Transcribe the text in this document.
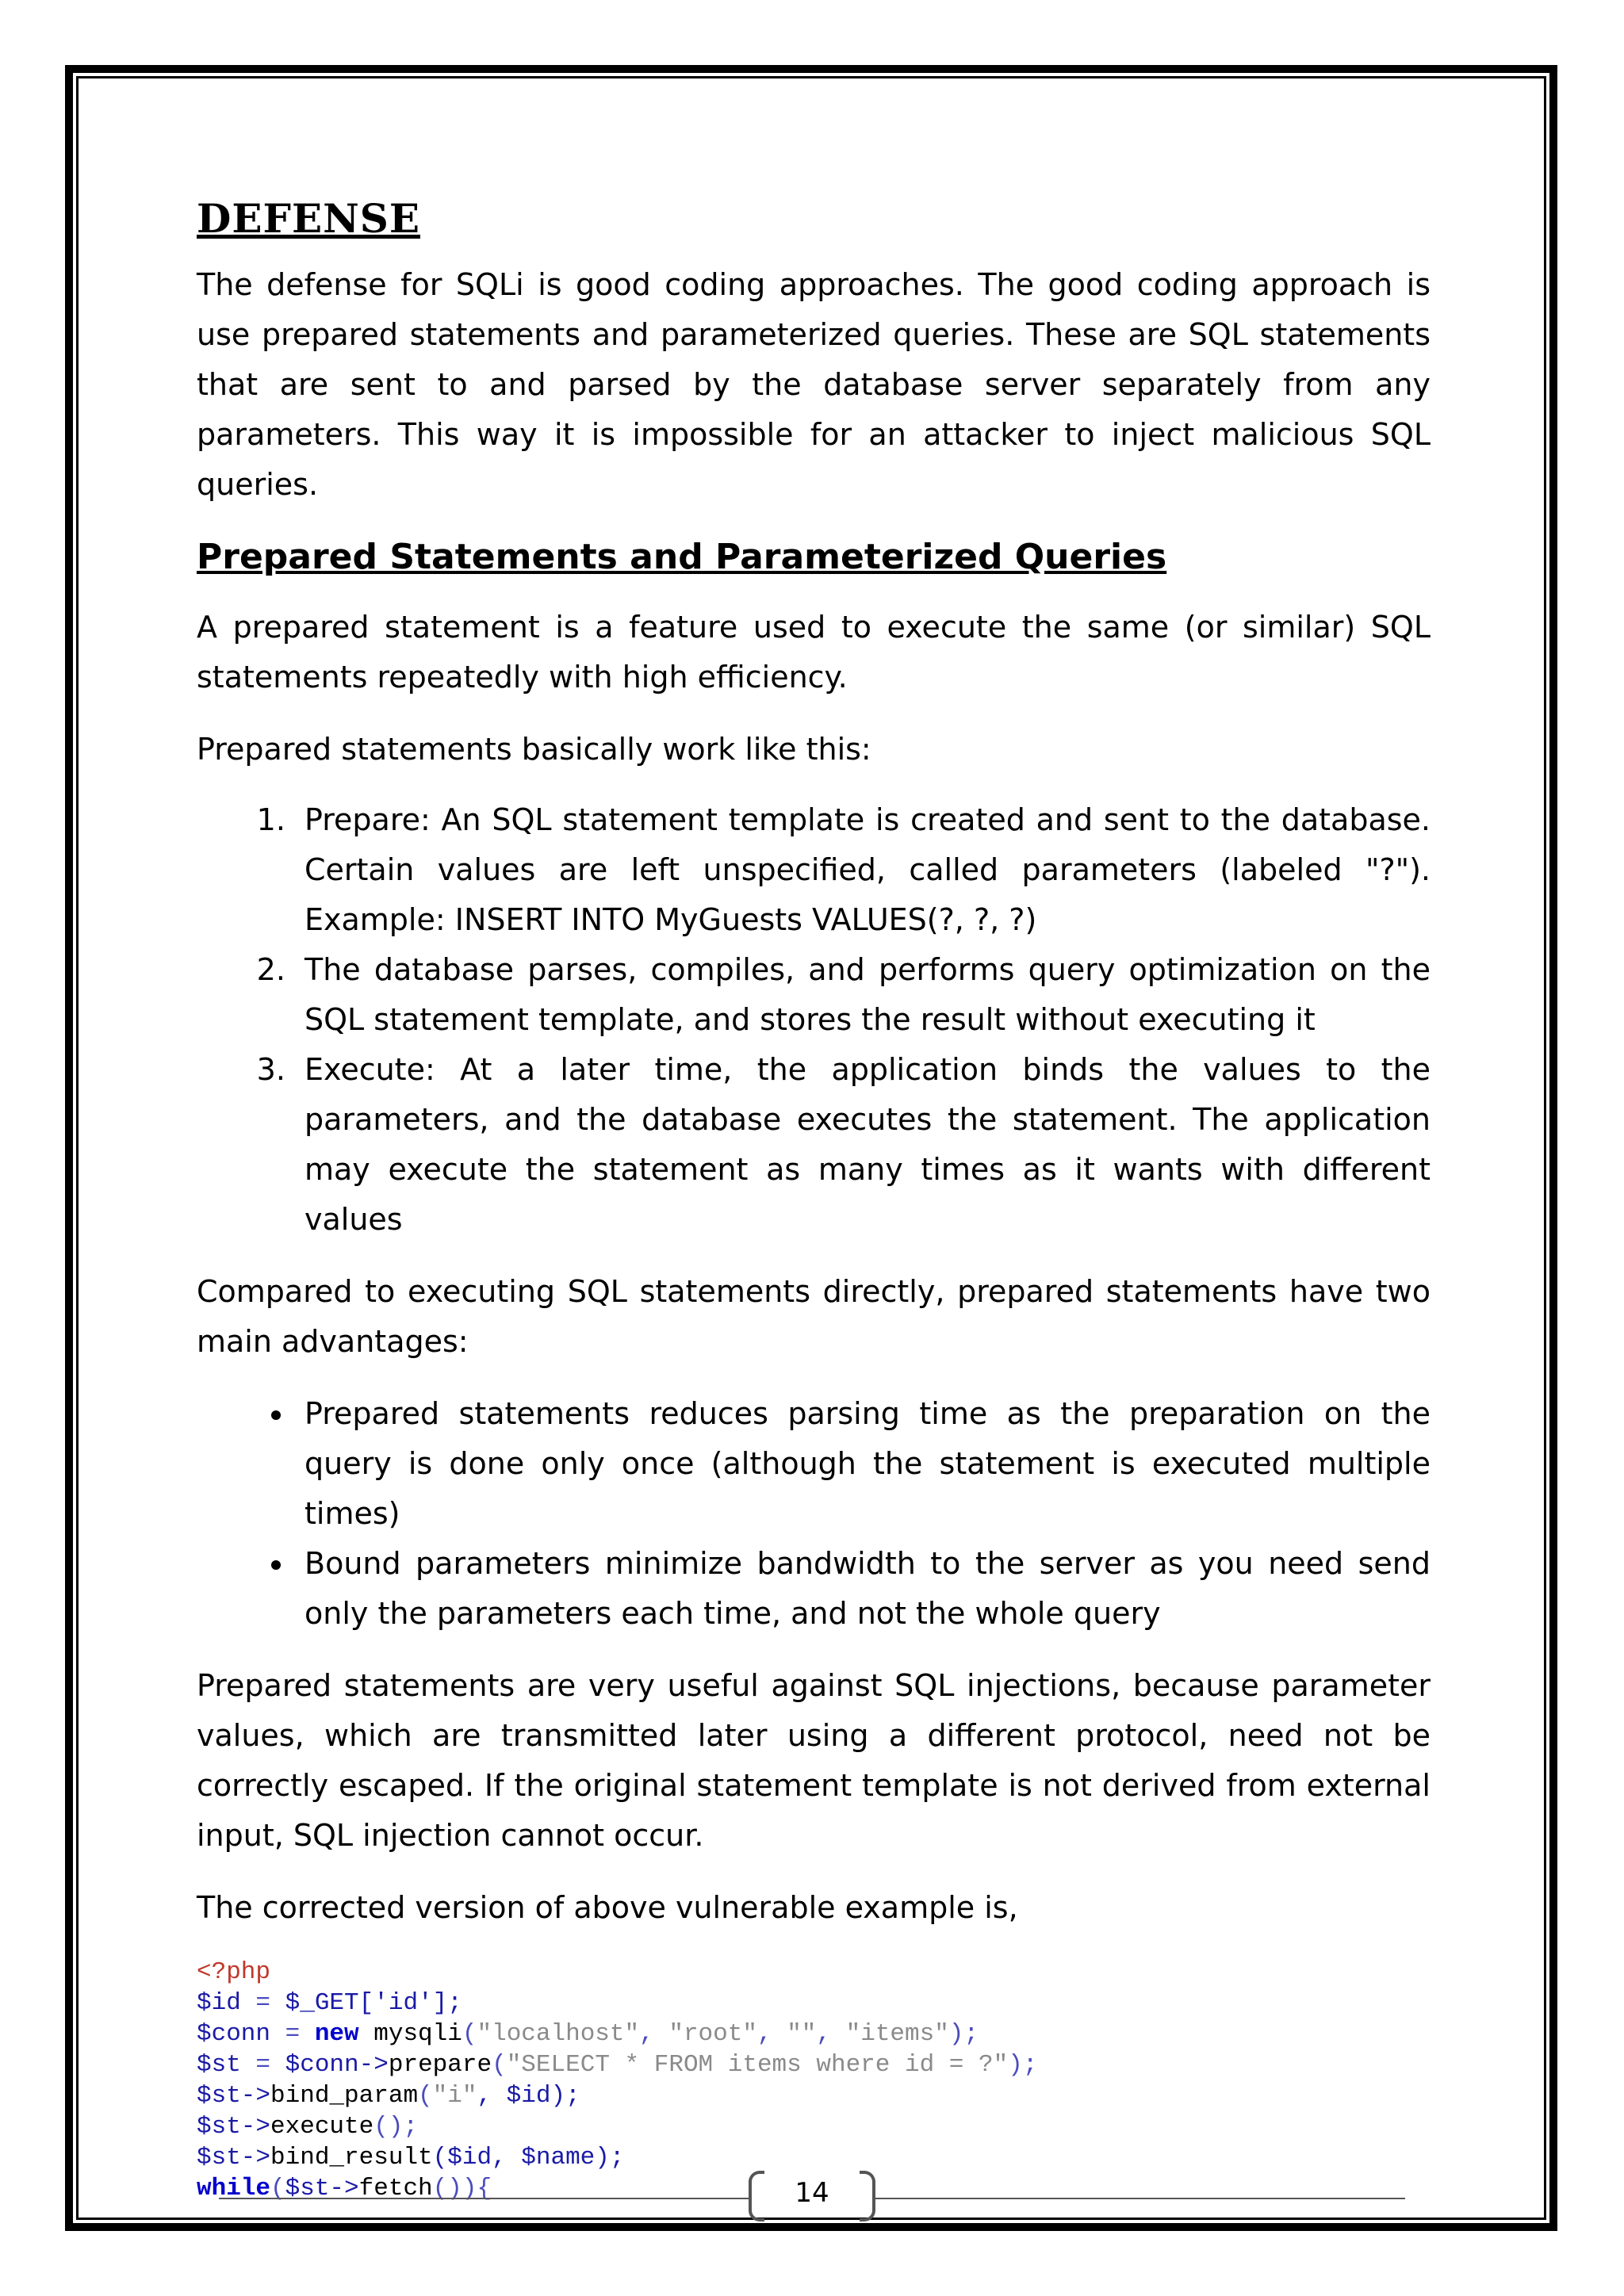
DEFENSE

The defense for SQLi is good coding approaches. The good coding approach is use prepared statements and parameterized queries. These are SQL statements that are sent to and parsed by the database server separately from any parameters. This way it is impossible for an attacker to inject malicious SQL queries.

Prepared Statements and Parameterized Queries

A prepared statement is a feature used to execute the same (or similar) SQL statements repeatedly with high efficiency.

Prepared statements basically work like this:

1. Prepare: An SQL statement template is created and sent to the database. Certain values are left unspecified, called parameters (labeled "?"). Example: INSERT INTO MyGuests VALUES(?, ?, ?)
2. The database parses, compiles, and performs query optimization on the SQL statement template, and stores the result without executing it
3. Execute: At a later time, the application binds the values to the parameters, and the database executes the statement. The application may execute the statement as many times as it wants with different values

Compared to executing SQL statements directly, prepared statements have two main advantages:

• Prepared statements reduces parsing time as the preparation on the query is done only once (although the statement is executed multiple times)
• Bound parameters minimize bandwidth to the server as you need send only the parameters each time, and not the whole query

Prepared statements are very useful against SQL injections, because parameter values, which are transmitted later using a different protocol, need not be correctly escaped. If the original statement template is not derived from external input, SQL injection cannot occur.

The corrected version of above vulnerable example is,

<?php
$id = $_GET['id'];
$conn = new mysqli("localhost", "root", "", "items");
$st = $conn->prepare("SELECT * FROM items where id = ?");
$st->bind_param("i", $id);
$st->execute();
$st->bind_result($id, $name);
while($st->fetch()){	14
